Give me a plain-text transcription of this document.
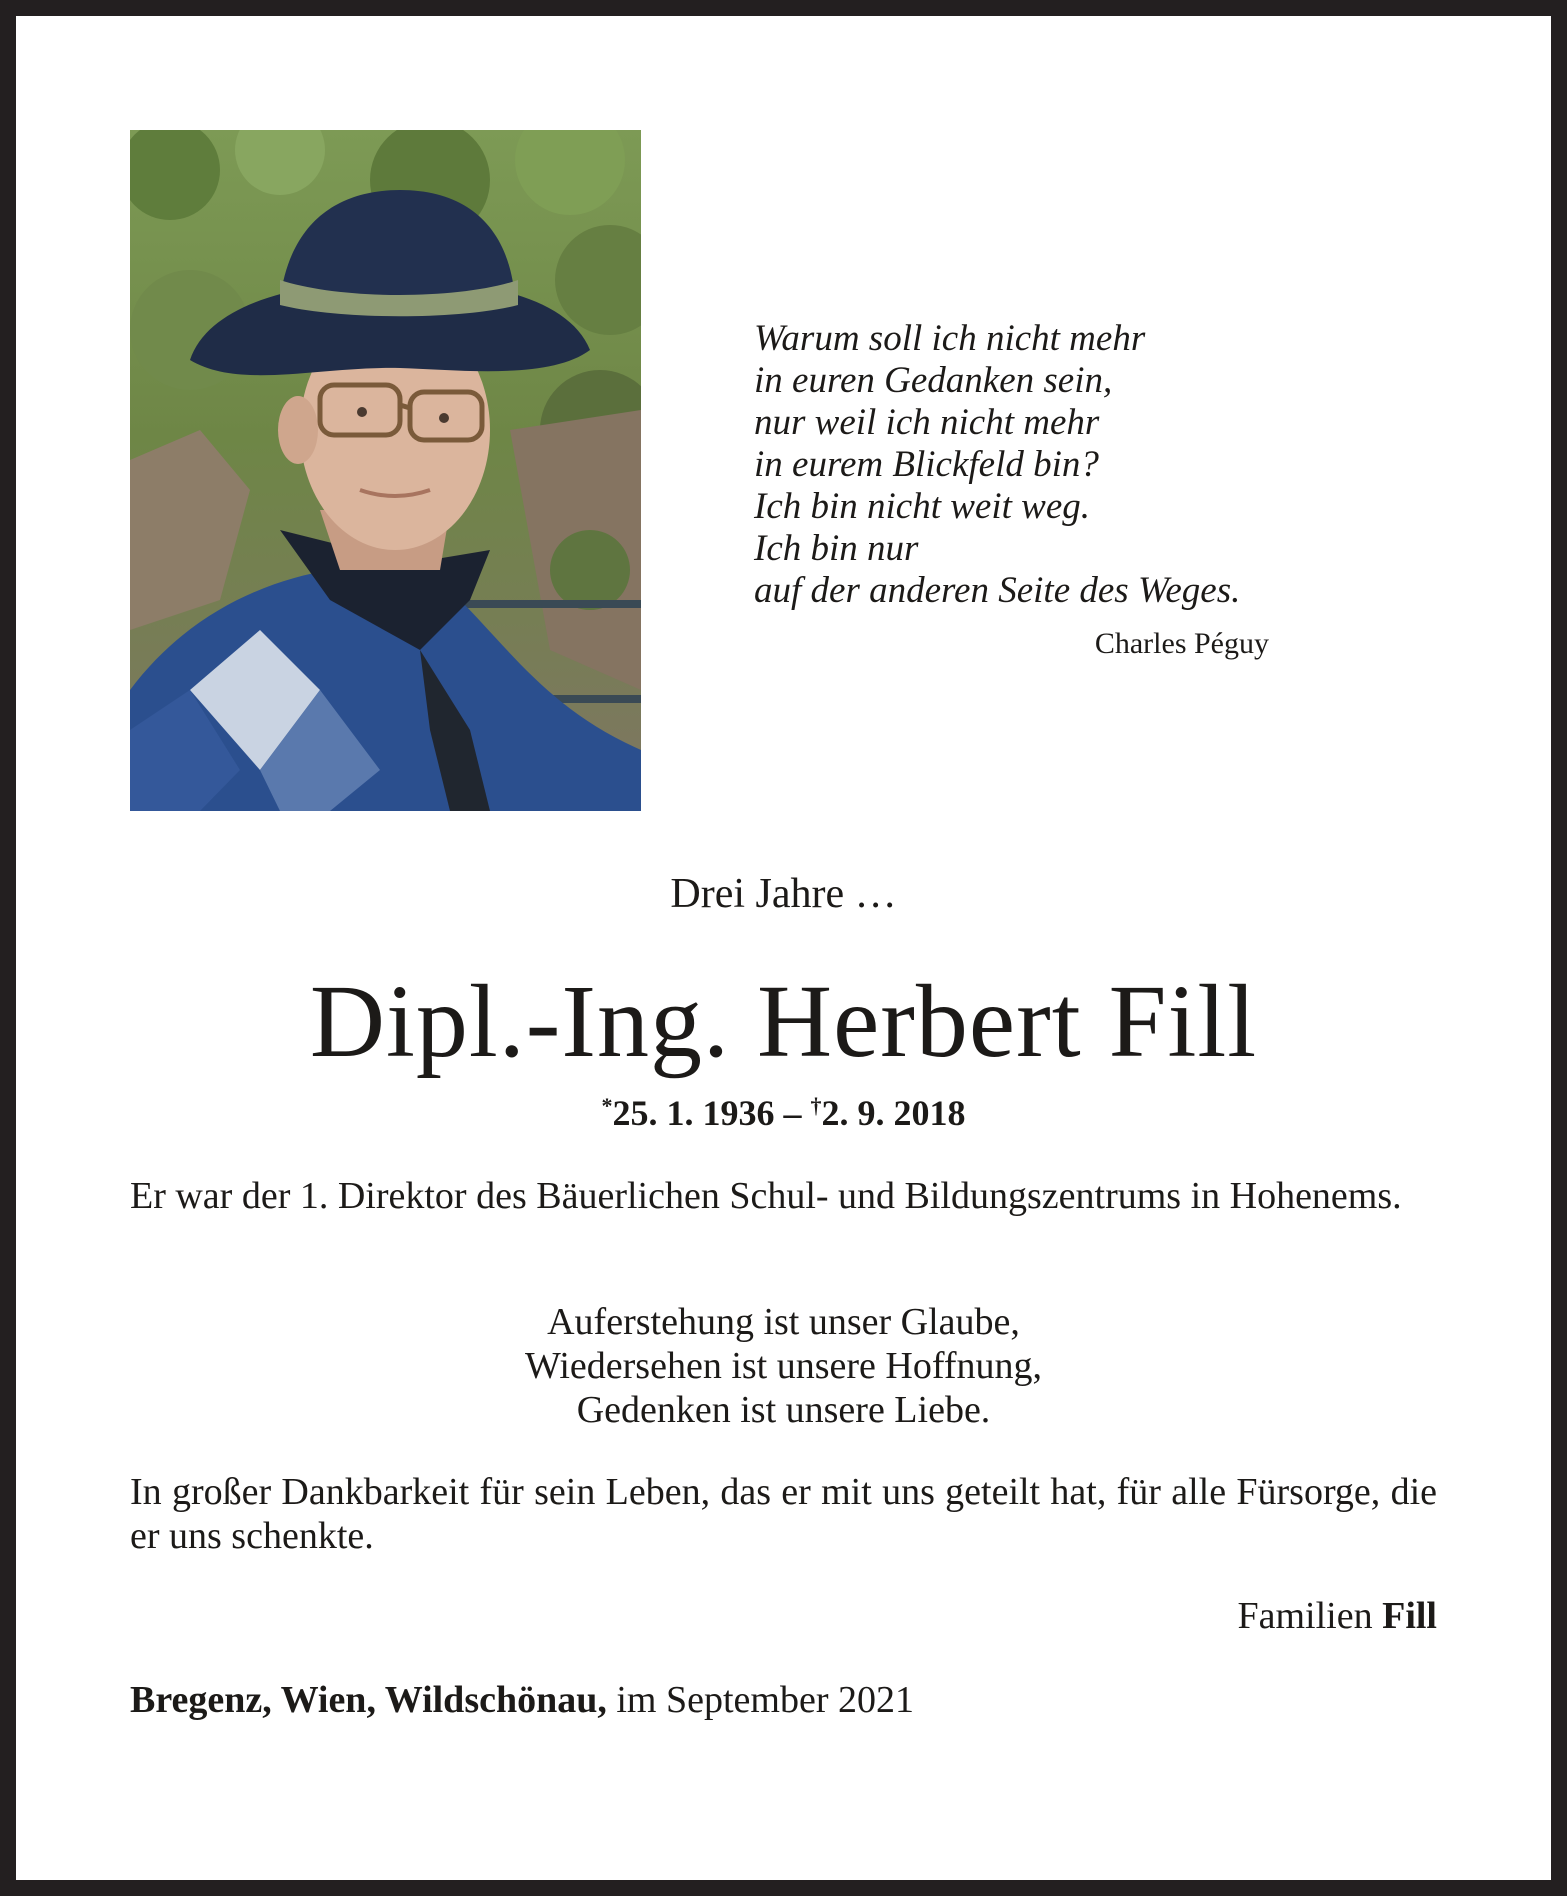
Warum soll ich nicht mehr
in euren Gedanken sein,
nur weil ich nicht mehr
in eurem Blickfeld bin?
Ich bin nicht weit weg.
Ich bin nur
auf der anderen Seite des Weges.
Charles Péguy
Drei Jahre …
Dipl.-Ing. Herbert Fill
*25. 1. 1936 – †2. 9. 2018
Er war der 1. Direktor des Bäuerlichen Schul- und Bildungszentrums in Hohenems.
Auferstehung ist unser Glaube,
Wiedersehen ist unsere Hoffnung,
Gedenken ist unsere Liebe.
In großer Dankbarkeit für sein Leben, das er mit uns geteilt hat, für alle Fürsorge, die er uns schenkte.
Familien Fill
Bregenz, Wien, Wildschönau, im September 2021
